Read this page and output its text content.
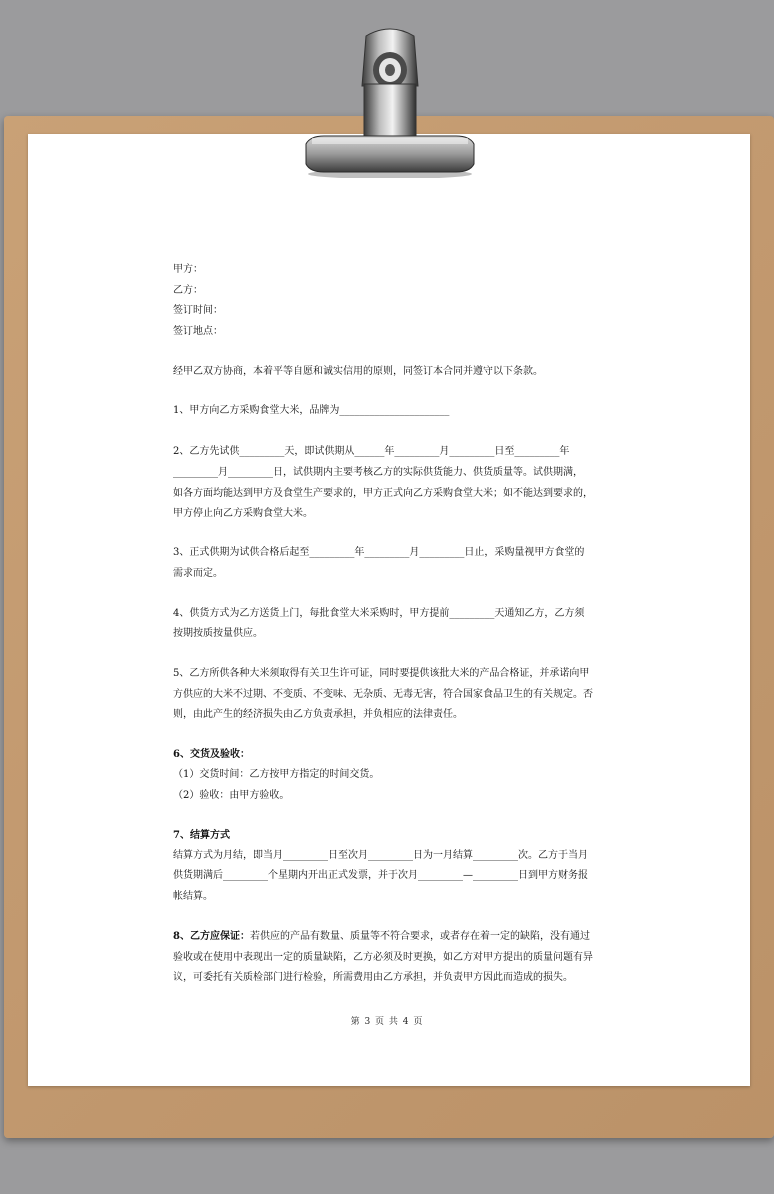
甲方：
乙方：
签订时间：
签订地点：
经甲乙双方协商，本着平等自愿和诚实信用的原则，同签订本合同并遵守以下条款。
1、甲方向乙方采购食堂大米，品牌为______________________
2、乙方先试供_________天，即试供期从______年_________月_________日至_________年
_________月_________日，试供期内主要考核乙方的实际供货能力、供货质量等。试供期满，
如各方面均能达到甲方及食堂生产要求的，甲方正式向乙方采购食堂大米；如不能达到要求的，
甲方停止向乙方采购食堂大米。
3、正式供期为试供合格后起至_________年_________月_________日止，采购量视甲方食堂的
需求而定。
4、供货方式为乙方送货上门，每批食堂大米采购时，甲方提前_________天通知乙方，乙方须
按期按质按量供应。
5、乙方所供各种大米须取得有关卫生许可证，同时要提供该批大米的产品合格证，并承诺向甲
方供应的大米不过期、不变质、不变味、无杂质、无毒无害，符合国家食品卫生的有关规定。否
则，由此产生的经济损失由乙方负责承担，并负相应的法律责任。
6、交货及验收：
（1）交货时间：乙方按甲方指定的时间交货。
（2）验收：由甲方验收。
7、结算方式
结算方式为月结，即当月_________日至次月_________日为一月结算_________次。乙方于当月
供货期满后_________个星期内开出正式发票，并于次月_________—_________日到甲方财务报
帐结算。
8、乙方应保证：若供应的产品有数量、质量等不符合要求，或者存在着一定的缺陷，没有通过
验收或在使用中表现出一定的质量缺陷，乙方必须及时更换，如乙方对甲方提出的质量问题有异
议，可委托有关质检部门进行检验，所需费用由乙方承担，并负责甲方因此而造成的损失。
第 3 页 共 4 页
